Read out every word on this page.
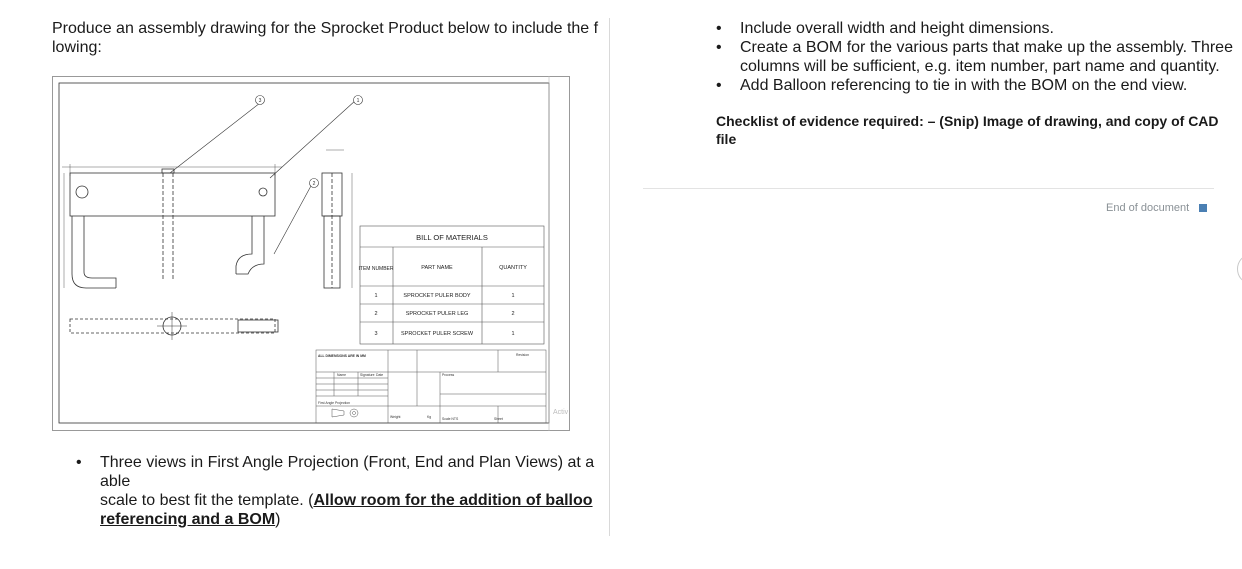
Produce an assembly drawing for the Sprocket Product below to include the f lowing:

3	1
2
BILL OF MATERIALS
ITEM NUMBER	PART NAME	QUANTITY
1	SPROCKET PULER BODY	1
2	SPROCKET PULER LEG	2
3	SPROCKET PULER SCREW	1
ALL DIMENSIONS ARE IN MM
Name	Signature Date
First Angle Projection
Process
Revision
Weight	Kg	Scale NTS	Sheet
Activ
• Three views in First Angle Projection (Front, End and Plan Views) at a able
scale to best fit the template. (Allow room for the addition of balloo referencing and a BOM)
• Include overall width and height dimensions.
• Create a BOM for the various parts that make up the assembly. Three columns will be sufficient, e.g. item number, part name and quantity.
• Add Balloon referencing to tie in with the BOM on the end view.

Checklist of evidence required: – (Snip) Image of drawing, and copy of CAD file

End of document
